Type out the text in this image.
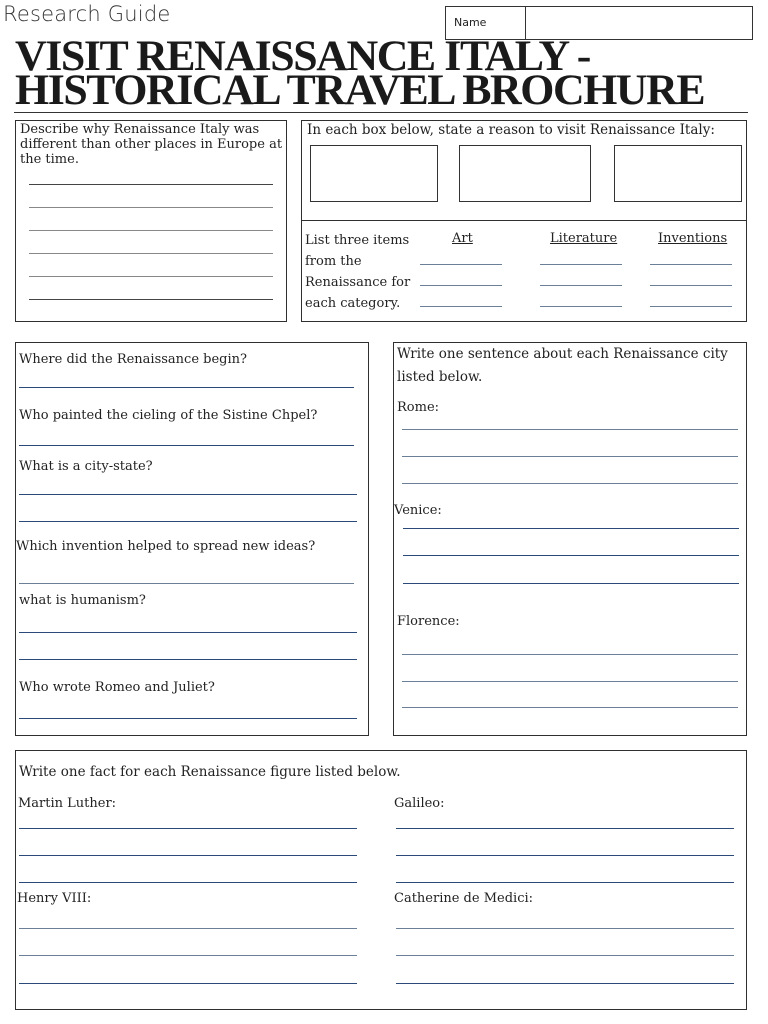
Research Guide	Name
VISIT RENAISSANCE ITALY -
HISTORICAL TRAVEL BROCHURE
Describe why Renaissance Italy was different than other places in Europe at the time.
In each box below, state a reason to visit Renaissance Italy:
List three items from the Renaissance for each category.
Art	Literature	Inventions
Where did the Renaissance begin?
Who painted the cieling of the Sistine Chpel?
What is a city-state?
Which invention helped to spread new ideas?
what is humanism?
Who wrote Romeo and Juliet?
Write one sentence about each Renaissance city listed below.
Rome:
Venice:
Florence:
Write one fact for each Renaissance figure listed below.
Martin Luther:	Galileo:
Henry VIII:	Catherine de Medici:
